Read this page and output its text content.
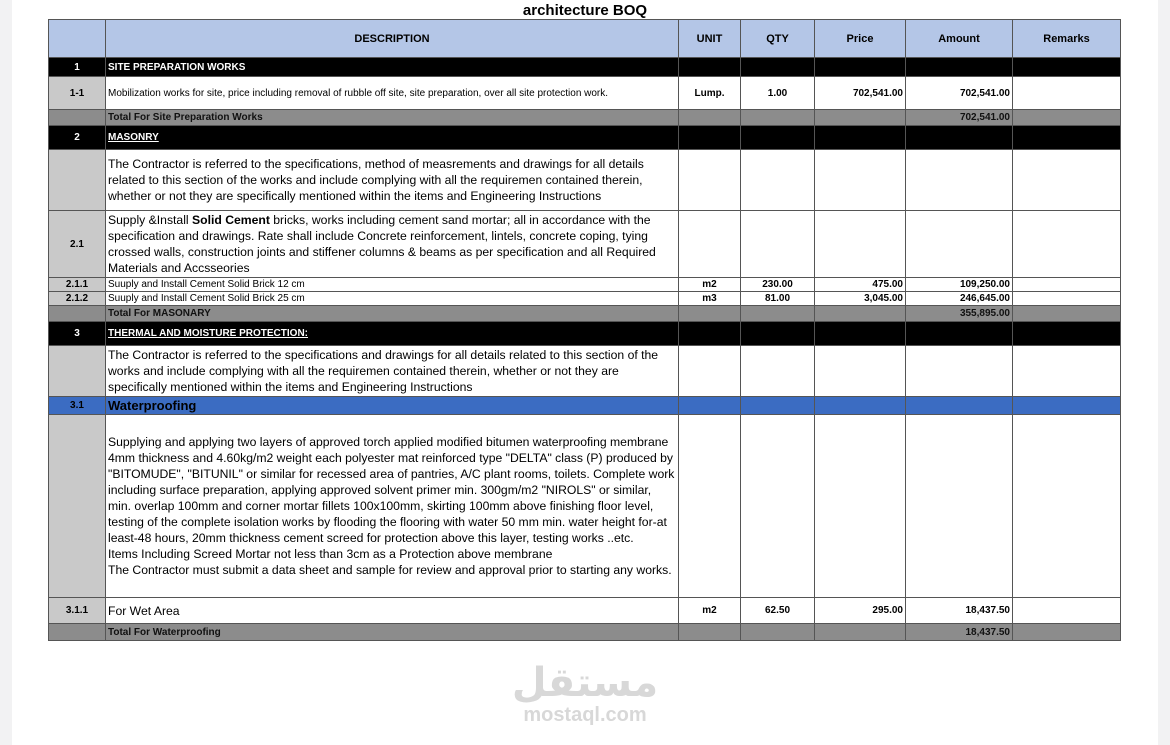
architecture BOQ
	DESCRIPTION	UNIT	QTY	Price	Amount	Remarks
1	SITE PREPARATION WORKS					
1-1	Mobilization works for site, price including removal of rubble off site, site preparation, over all site protection work.	Lump.	1.00	702,541.00	702,541.00	
	Total For Site Preparation Works				702,541.00	
2	MASONRY					
	The Contractor is referred to the specifications, method of measrements and drawings for all details related to this section of the works and include complying with all the requiremen contained therein, whether or not they are specifically mentioned within the items and Engineering Instructions					
2.1	Supply &Install Solid Cement bricks, works including cement sand mortar; all in accordance with the specification and drawings. Rate shall include Concrete reinforcement, lintels, concrete coping, tying crossed walls, construction joints and stiffener columns & beams as per specification and all Required Materials and Accsseories					
2.1.1	Suuply and Install Cement Solid Brick 12 cm	m2	230.00	475.00	109,250.00	
2.1.2	Suuply and Install Cement Solid Brick 25 cm	m3	81.00	3,045.00	246,645.00	
	Total For MASONARY				355,895.00	
3	THERMAL AND MOISTURE PROTECTION:					
	The Contractor is referred to the specifications and drawings for all details related to this section of the works and include complying with all the requiremen contained therein, whether or not they are specifically mentioned within the items and Engineering Instructions					
3.1	Waterproofing					
	Supplying and applying two layers of approved torch applied modified bitumen waterproofing membrane 4mm thickness and 4.60kg/m2 weight each polyester mat reinforced type "DELTA" class (P) produced by "BITOMUDE", "BITUNIL" or similar for recessed area of pantries, A/C plant rooms, toilets. Complete work including surface preparation, applying approved solvent primer min. 300gm/m2 "NIROLS" or similar, min. overlap 100mm and corner mortar fillets 100x100mm, skirting 100mm above finishing floor level, testing of the complete isolation works by flooding the flooring with water 50 mm min. water height for-at least-48 hours, 20mm thickness cement screed for protection above this layer, testing works ..etc.
Items Including Screed Mortar not less than 3cm as a Protection above membrane
The Contractor must submit a data sheet and sample for review and approval prior to starting any works.					
3.1.1	For Wet Area	m2	62.50	295.00	18,437.50	
	Total For Waterproofing				18,437.50	
مستقل
mostaql.com
